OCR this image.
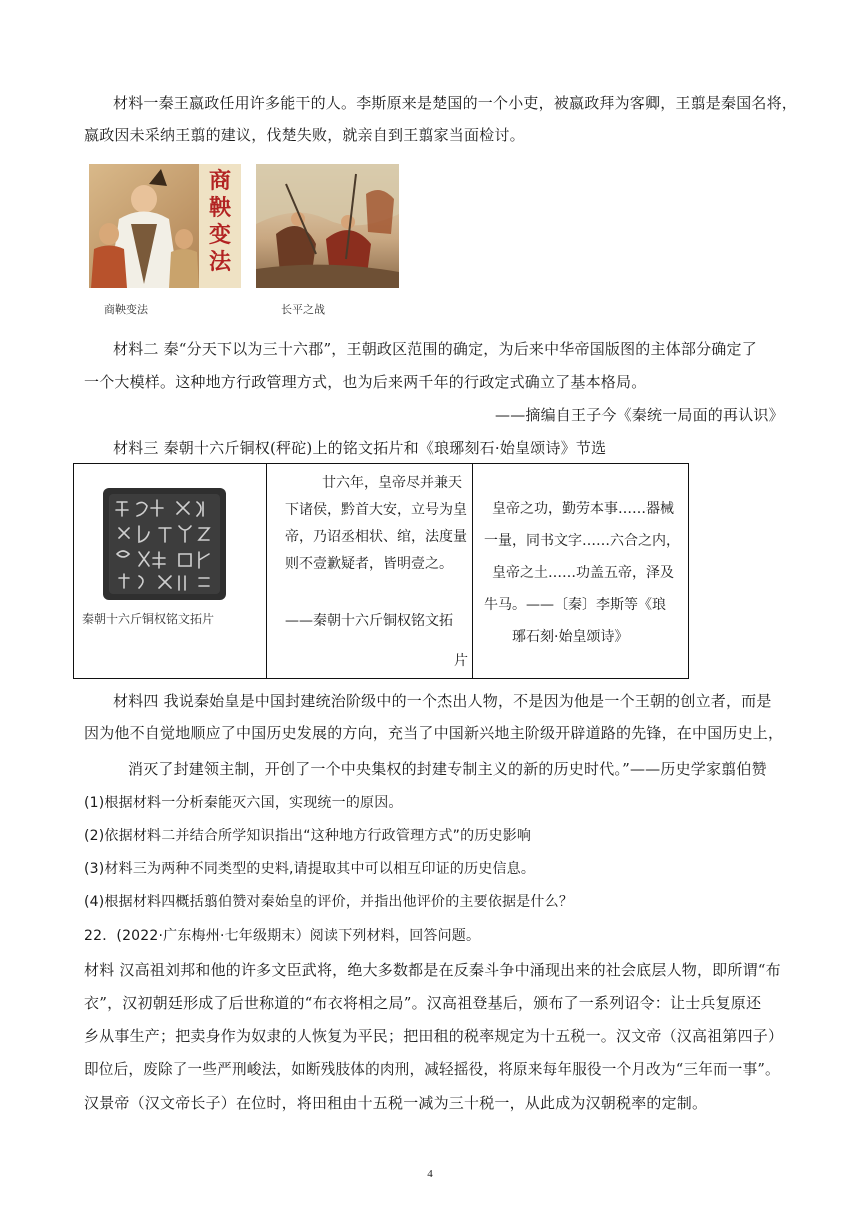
材料一秦王嬴政任用许多能干的人。李斯原来是楚国的一个小吏，被嬴政拜为客卿，王翦是秦国名将，
嬴政因未采纳王翦的建议，伐楚失败，就亲自到王翦家当面检讨。
商鞅变法
商鞅变法	长平之战
材料二 秦“分天下以为三十六郡”，王朝政区范围的确定，为后来中华帝国版图的主体部分确定了
一个大模样。这种地方行政管理方式，也为后来两千年的行政定式确立了基本格局。
——摘编自王子今《秦统一局面的再认识》
材料三 秦朝十六斤铜权(秤砣)上的铭文拓片和《琅琊刻石·始皇颂诗》节选
秦朝十六斤铜权铭文拓片
廿六年，皇帝尽并兼天
下诸侯，黔首大安，立号为皇
帝，乃诏丞相状、绾，法度量
则不壹歉疑者，皆明壹之。
——秦朝十六斤铜权铭文拓
片
皇帝之功，勤劳本事……器械
一量，同书文字……六合之内，
皇帝之土……功盖五帝，泽及
牛马。——〔秦〕李斯等《琅
琊石刻·始皇颂诗》
材料四 我说秦始皇是中国封建统治阶级中的一个杰出人物，不是因为他是一个王朝的创立者，而是
因为他不自觉地顺应了中国历史发展的方向，充当了中国新兴地主阶级开辟道路的先锋，在中国历史上，
消灭了封建领主制，开创了一个中央集权的封建专制主义的新的历史时代。”——历史学家翦伯赞
(1)根据材料一分析秦能灭六国，实现统一的原因。
(2)依据材料二并结合所学知识指出“这种地方行政管理方式”的历史影响
(3)材料三为两种不同类型的史料,请提取其中可以相互印证的历史信息。
(4)根据材料四概括翦伯赞对秦始皇的评价，并指出他评价的主要依据是什么？
22．(2022·广东梅州·七年级期末）阅读下列材料，回答问题。
材料 汉高祖刘邦和他的许多文臣武将，绝大多数都是在反秦斗争中涌现出来的社会底层人物，即所谓“布
衣”，汉初朝廷形成了后世称道的“布衣将相之局”。汉高祖登基后，颁布了一系列诏令：让士兵复原还
乡从事生产；把卖身作为奴隶的人恢复为平民；把田租的税率规定为十五税一。汉文帝（汉高祖第四子）
即位后，废除了一些严刑峻法，如断残肢体的肉刑，减轻摇役，将原来每年服役一个月改为“三年而一事”。
汉景帝（汉文帝长子）在位时，将田租由十五税一减为三十税一，从此成为汉朝税率的定制。
4
